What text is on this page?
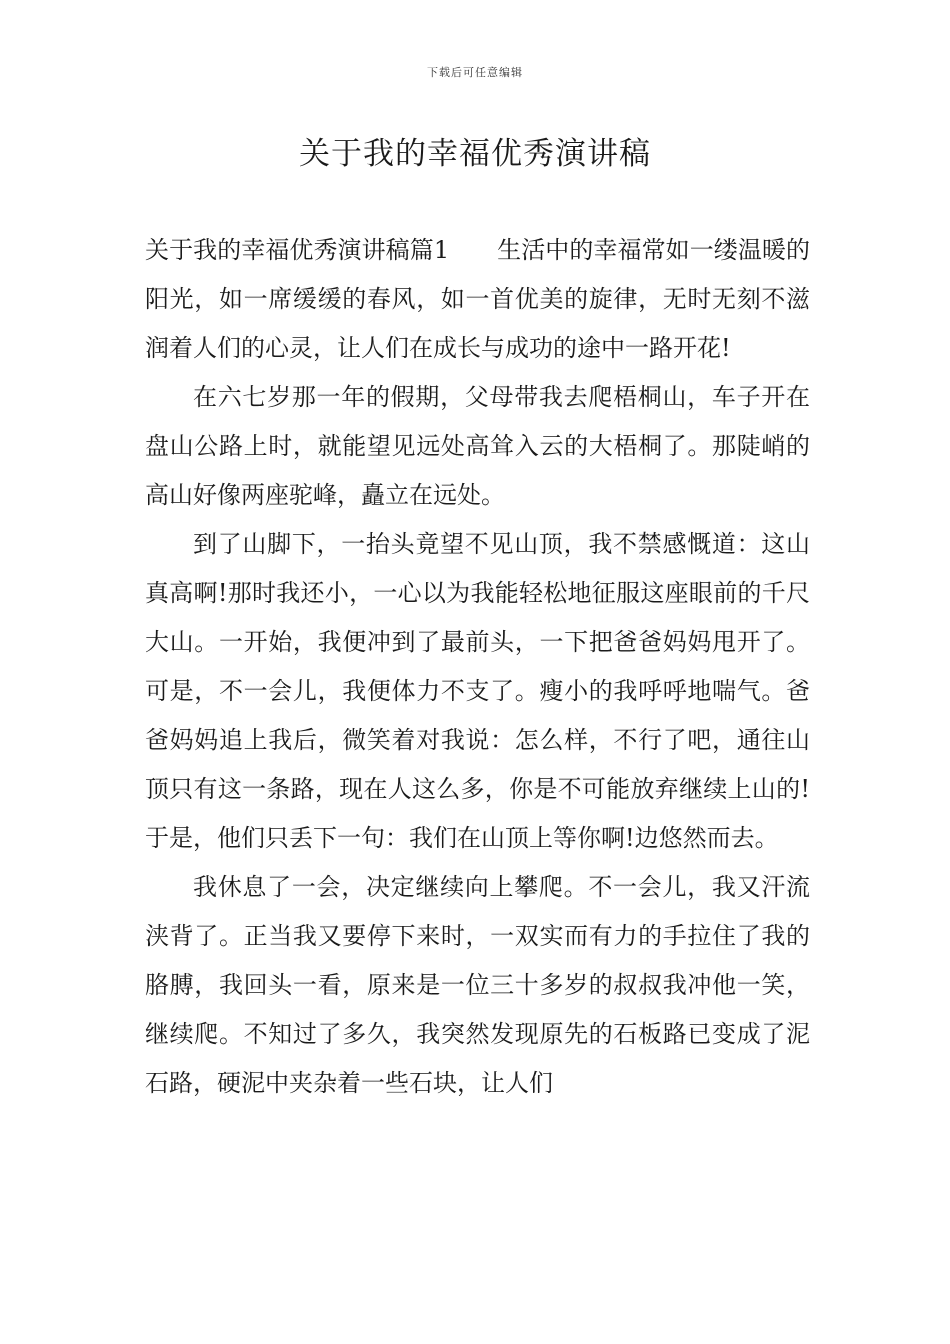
下载后可任意编辑
关于我的幸福优秀演讲稿

关于我的幸福优秀演讲稿篇1 生活中的幸福常如一缕温暖的阳光，如一席缓缓的春风，如一首优美的旋律，无时无刻不滋润着人们的心灵，让人们在成长与成功的途中一路开花!

在六七岁那一年的假期，父母带我去爬梧桐山，车子开在盘山公路上时，就能望见远处高耸入云的大梧桐了。那陡峭的高山好像两座驼峰，矗立在远处。

到了山脚下，一抬头竟望不见山顶，我不禁感慨道：这山真高啊!那时我还小，一心以为我能轻松地征服这座眼前的千尺大山。一开始，我便冲到了最前头，一下把爸爸妈妈甩开了。可是，不一会儿，我便体力不支了。瘦小的我呼呼地喘气。爸爸妈妈追上我后，微笑着对我说：怎么样，不行了吧，通往山顶只有这一条路，现在人这么多，你是不可能放弃继续上山的!于是，他们只丢下一句：我们在山顶上等你啊!边悠然而去。

我休息了一会，决定继续向上攀爬。不一会儿，我又汗流浃背了。正当我又要停下来时，一双实而有力的手拉住了我的胳膊，我回头一看，原来是一位三十多岁的叔叔我冲他一笑，继续爬。不知过了多久，我突然发现原先的石板路已变成了泥石路，硬泥中夹杂着一些石块，让人们
